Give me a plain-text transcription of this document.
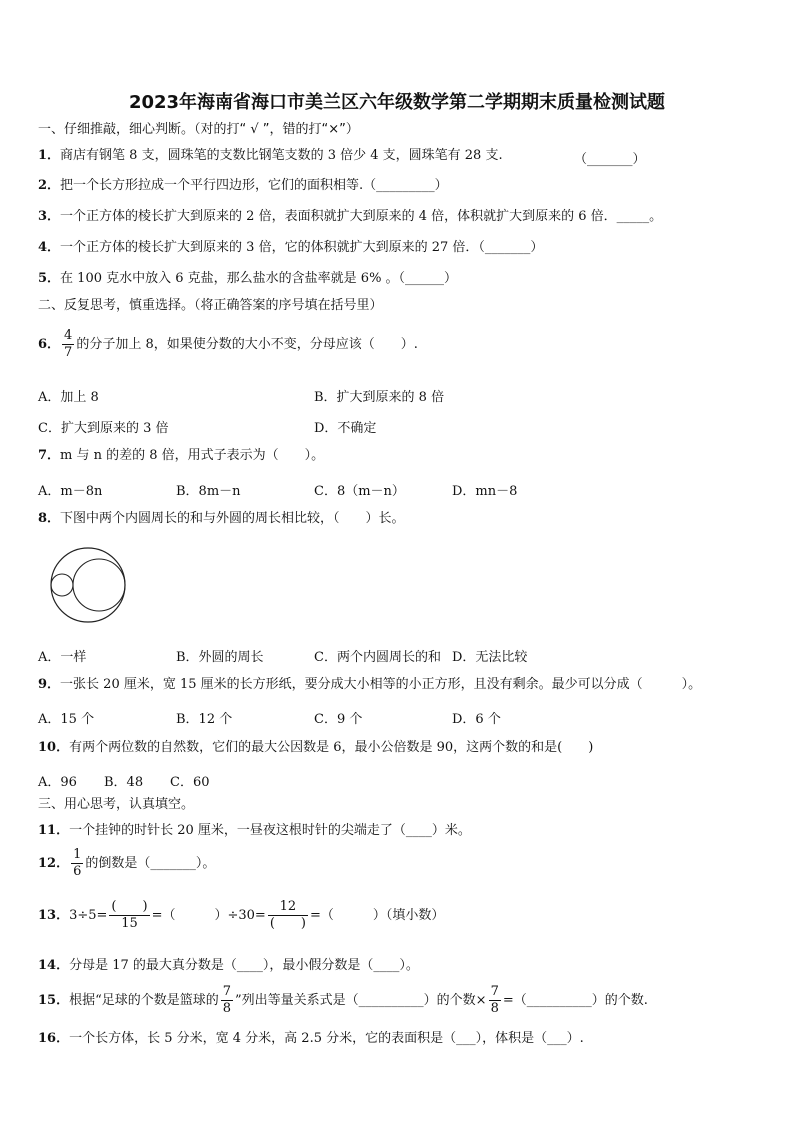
2023年海南省海口市美兰区六年级数学第二学期期末质量检测试题
一、仔细推敲，细心判断。（对的打“ √ ”，错的打“×”）
1．商店有钢笔 8 支，圆珠笔的支数比钢笔支数的 3 倍少 4 支，圆珠笔有 28 支.	（_______）
2．把一个长方形拉成一个平行四边形，它们的面积相等.（_________）
3．一个正方体的棱长扩大到原来的 2 倍，表面积就扩大到原来的 4 倍，体积就扩大到原来的 6 倍．_____。
4．一个正方体的棱长扩大到原来的 3 倍，它的体积就扩大到原来的 27 倍．（_______）
5．在 100 克水中放入 6 克盐，那么盐水的含盐率就是 6% 。（______）
二、反复思考，慎重选择。（将正确答案的序号填在括号里）
6． $\frac{4}{7}$ 的分子加上 8，如果使分数的大小不变，分母应该（　　）.
A．加上 8	B．扩大到原来的 8 倍
C．扩大到原来的 3 倍	D．不确定
7．m 与 n 的差的 8 倍，用式子表示为（　　）。
A．m－8n	B．8m－n	C．8（m－n）	D．mn－8
8．下图中两个内圆周长的和与外圆的周长相比较，（　　）长。
A．一样	B．外圆的周长	C．两个内圆周长的和 D．无法比较
9．一张长 20 厘米，宽 15 厘米的长方形纸，要分成大小相等的小正方形，且没有剩余。最少可以分成（　　　）。
A．15 个	B．12 个	C．9 个	D．6 个
10．有两个两位数的自然数，它们的最大公因数是 6，最小公倍数是 90，这两个数的和是(　　)
A．96 B．48 C．60
三、用心思考，认真填空。
11．一个挂钟的时针长 20 厘米，一昼夜这根时针的尖端走了（____）米。
12． $\frac{1}{6}$ 的倒数是（_______）。
13．$3\div 5= \frac{( )}{15}$ =（　　　）$\div 30= \frac{12}{( )}$ =（　　　）（填小数）
14．分母是 17 的最大真分数是（____），最小假分数是（____）。
15．根据“足球的个数是篮球的 $\frac{7}{8}$ ”列出等量关系式是（__________）的个数× $\frac{7}{8}$ =（__________）的个数.
16．一个长方体，长 5 分米，宽 4 分米，高 2.5 分米，它的表面积是（___），体积是（___）.
